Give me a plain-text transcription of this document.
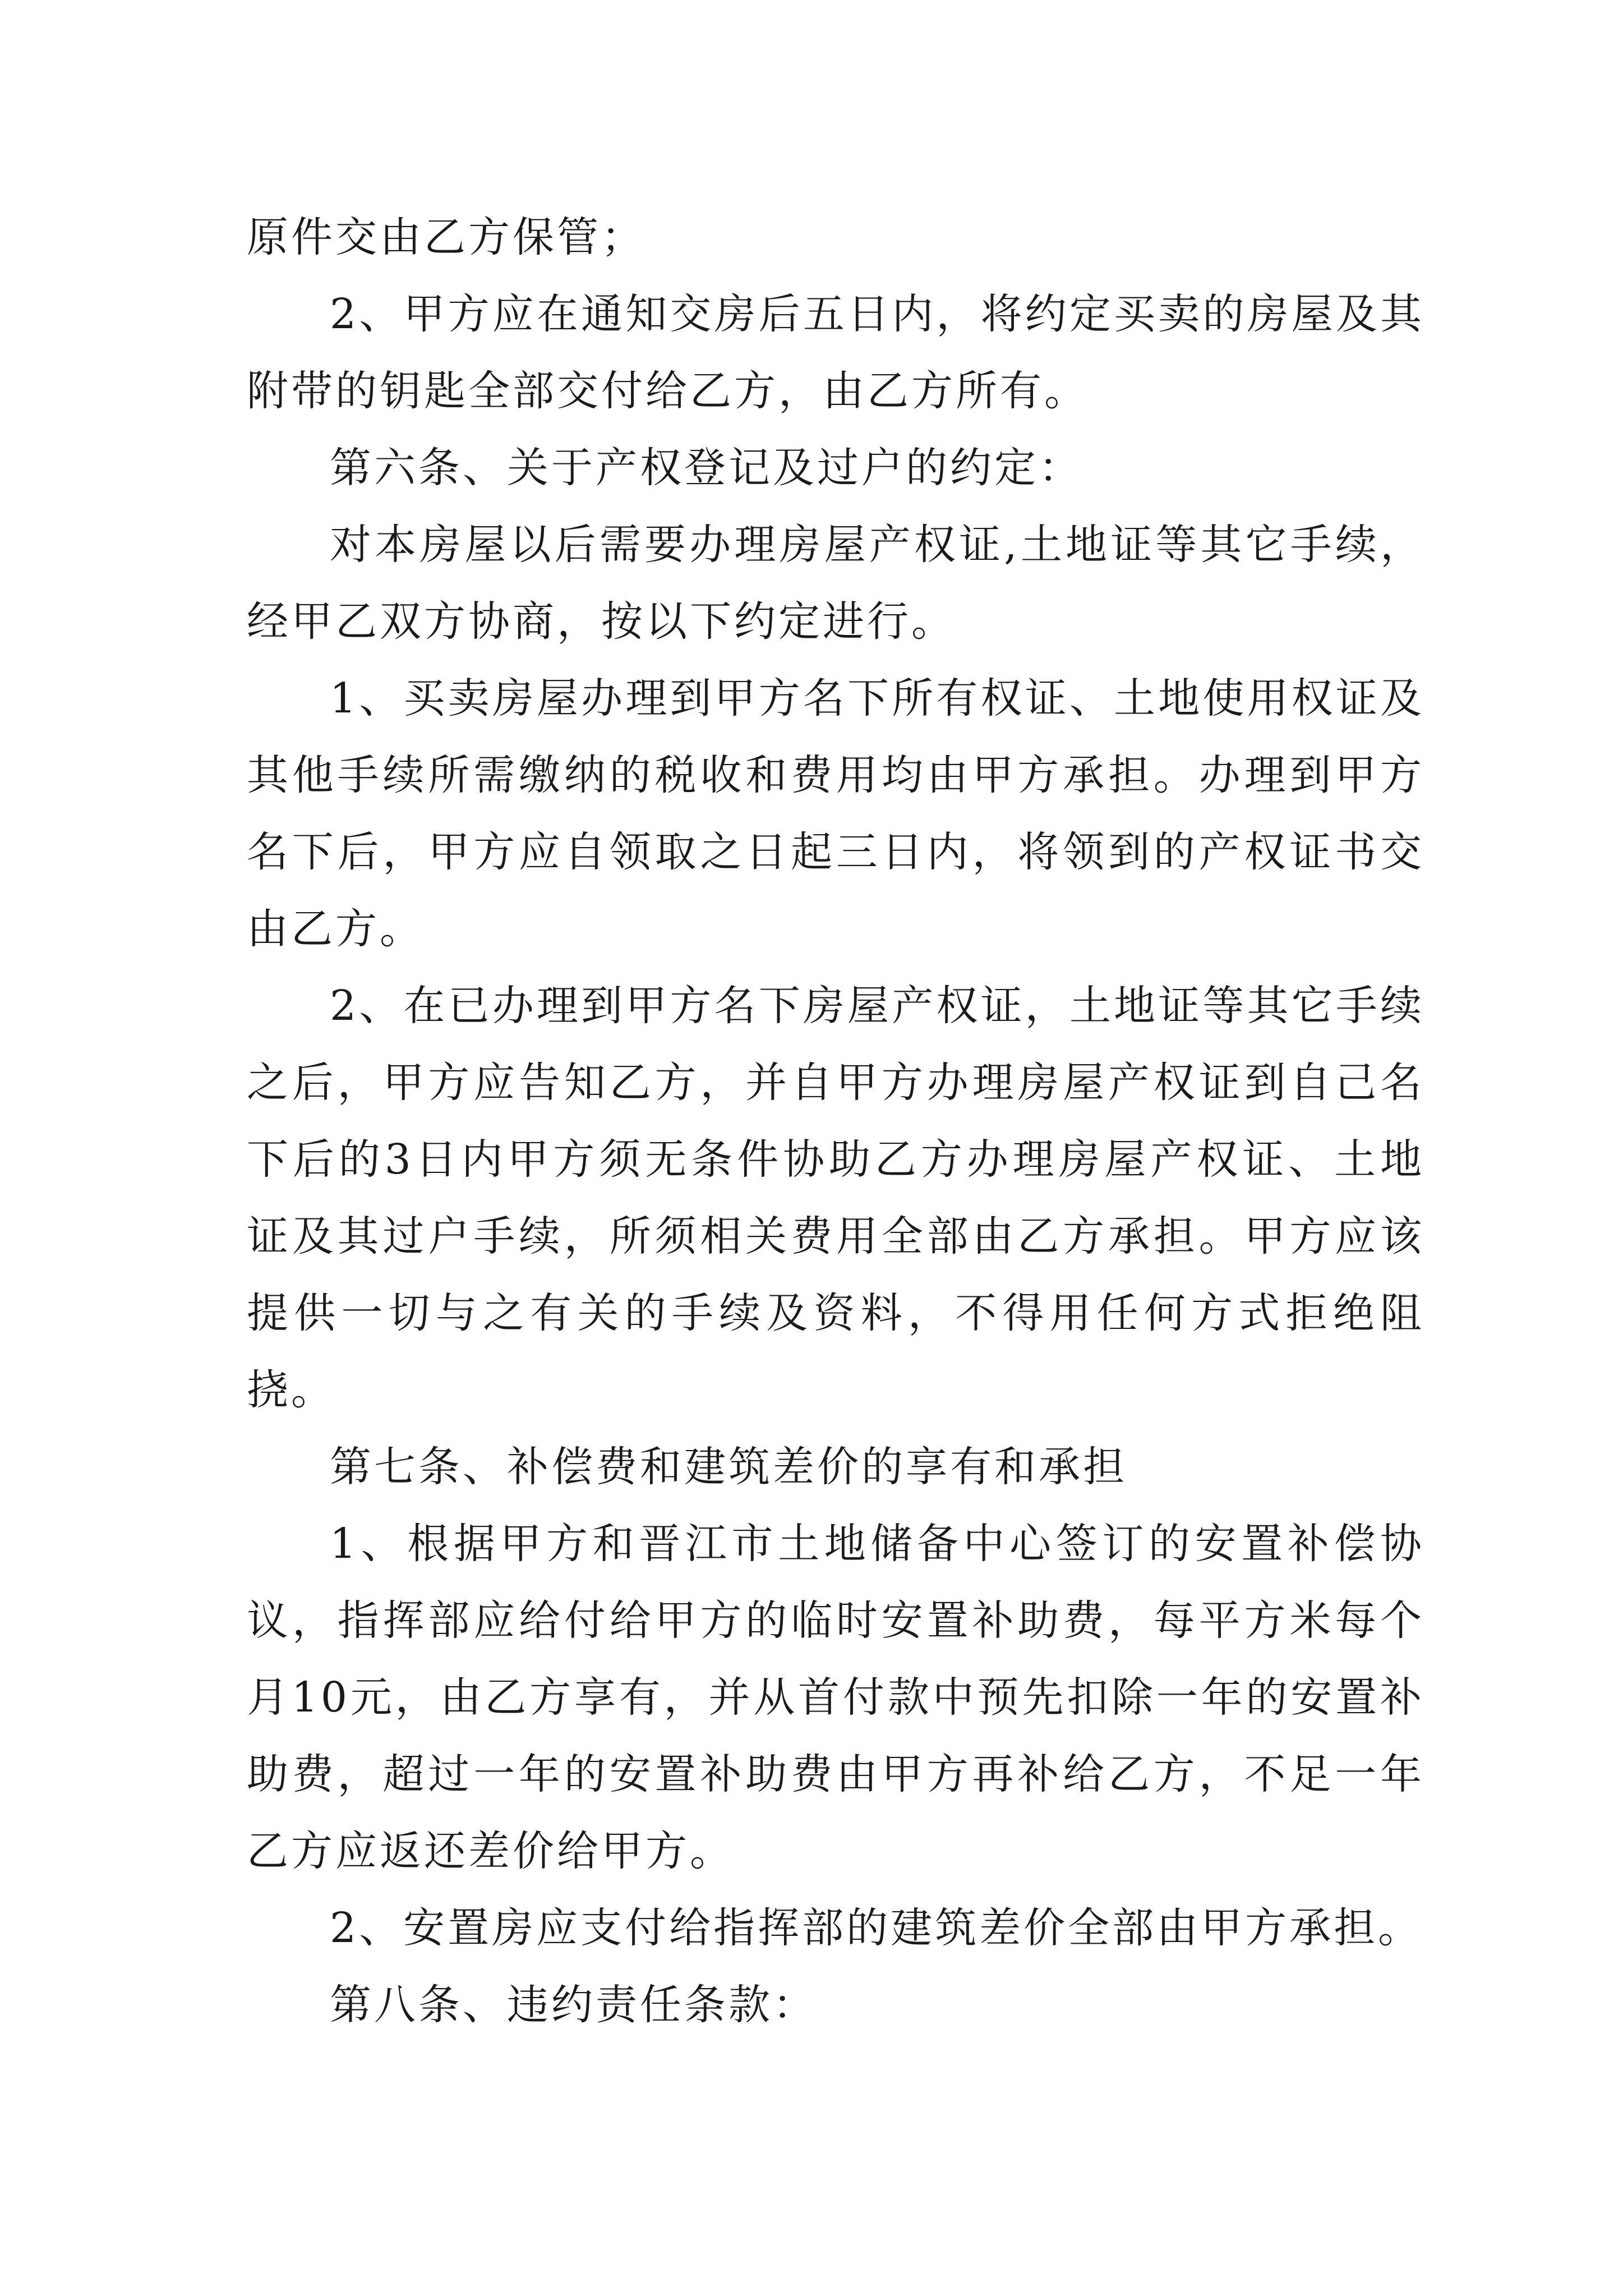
原件交由乙方保管；

2、甲方应在通知交房后五日内，将约定买卖的房屋及其附带的钥匙全部交付给乙方，由乙方所有。

第六条、关于产权登记及过户的约定：

对本房屋以后需要办理房屋产权证,土地证等其它手续，经甲乙双方协商，按以下约定进行。

1、买卖房屋办理到甲方名下所有权证、土地使用权证及其他手续所需缴纳的税收和费用均由甲方承担。办理到甲方名下后，甲方应自领取之日起三日内，将领到的产权证书交由乙方。

2、在已办理到甲方名下房屋产权证，土地证等其它手续之后，甲方应告知乙方，并自甲方办理房屋产权证到自己名下后的3日内甲方须无条件协助乙方办理房屋产权证、土地证及其过户手续，所须相关费用全部由乙方承担。甲方应该提供一切与之有关的手续及资料，不得用任何方式拒绝阻挠。

第七条、补偿费和建筑差价的享有和承担

1、根据甲方和晋江市土地储备中心签订的安置补偿协议，指挥部应给付给甲方的临时安置补助费，每平方米每个月10元，由乙方享有，并从首付款中预先扣除一年的安置补助费，超过一年的安置补助费由甲方再补给乙方，不足一年乙方应返还差价给甲方。

2、安置房应支付给指挥部的建筑差价全部由甲方承担。

第八条、违约责任条款：
